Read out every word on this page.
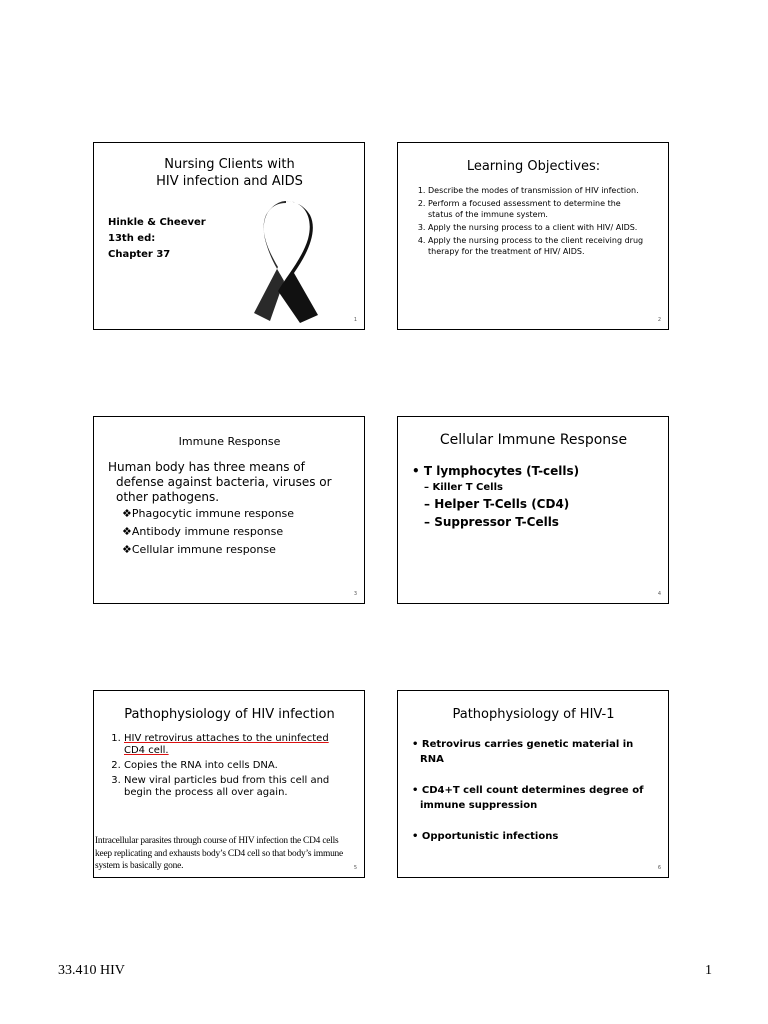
Nursing Clients with
HIV infection and AIDS
Hinkle & Cheever
13th ed:
Chapter 37
1
Learning Objectives:
1. Describe the modes of transmission of HIV infection.
2. Perform a focused assessment to determine the status of the immune system.
3. Apply the nursing process to a client with HIV/ AIDS.
4. Apply the nursing process to the client receiving drug therapy for the treatment of HIV/ AIDS.
2
Immune Response
Human body has three means of defense against bacteria, viruses or other pathogens.
❖Phagocytic immune response
❖Antibody immune response
❖Cellular immune response
3
Cellular Immune Response
• T lymphocytes (T-cells)
– Killer T Cells
– Helper T-Cells (CD4)
– Suppressor T-Cells
4
Pathophysiology of HIV infection
1. HIV retrovirus attaches to the uninfected CD4 cell.
2. Copies the RNA into cells DNA.
3. New viral particles bud from this cell and begin the process all over again.
Intracellular parasites through course of HIV infection the CD4 cells keep replicating and exhausts body’s CD4 cell so that body’s immune system is basically gone.	5
Pathophysiology of HIV-1
• Retrovirus carries genetic material in RNA
• CD4+T cell count determines degree of immune suppression
• Opportunistic infections
6
33.410 HIV	1
